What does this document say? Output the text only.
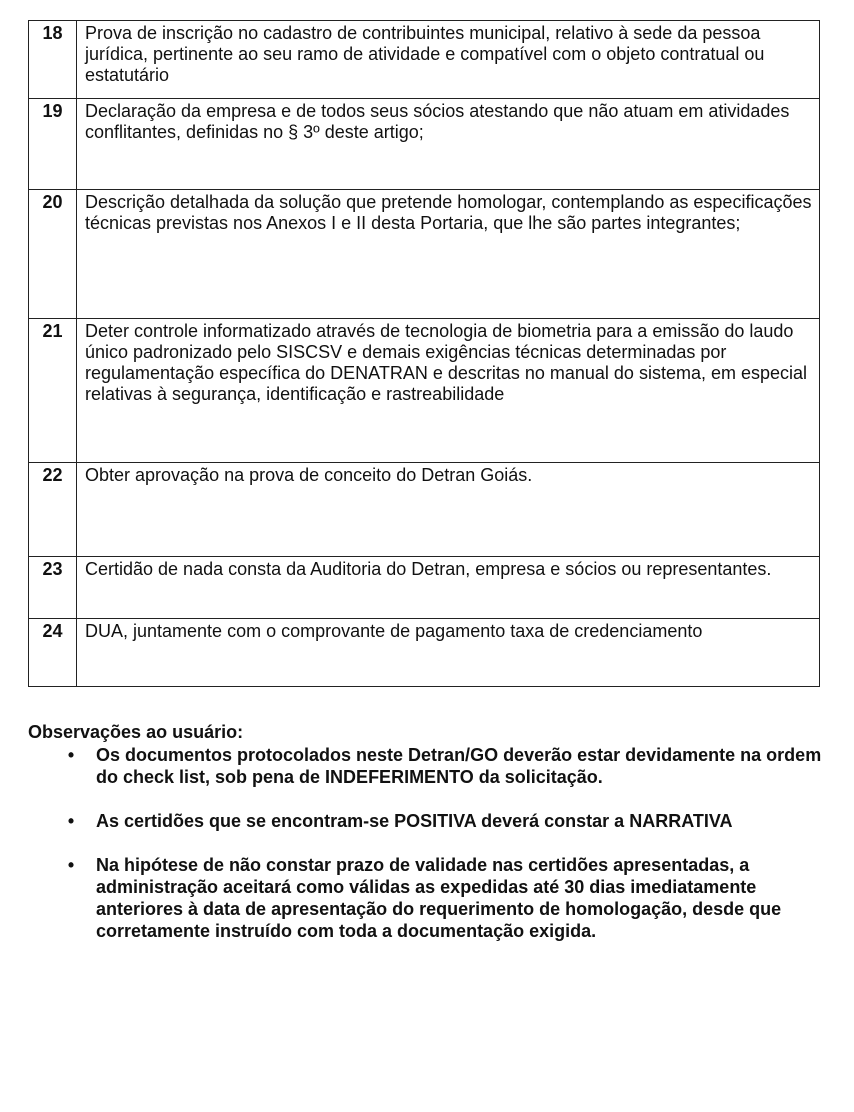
18	Prova de inscrição no cadastro de contribuintes municipal, relativo à sede da pessoa jurídica, pertinente ao seu ramo de atividade e compatível com o objeto contratual ou estatutário
19	Declaração da empresa e de todos seus sócios atestando que não atuam em atividades conflitantes, definidas no § 3º deste artigo;
20	Descrição detalhada da solução que pretende homologar, contemplando as especificações técnicas previstas nos Anexos I e II desta Portaria, que lhe são partes integrantes;
21	Deter controle informatizado através de tecnologia de biometria para a emissão do laudo único padronizado pelo SISCSV e demais exigências técnicas determinadas por regulamentação específica do DENATRAN e descritas no manual do sistema, em especial relativas à segurança, identificação e rastreabilidade
22	Obter aprovação na prova de conceito do Detran Goiás.
23	Certidão de nada consta da Auditoria do Detran, empresa e sócios ou representantes.
24	DUA, juntamente com o comprovante de pagamento taxa de credenciamento
Observações ao usuário:
• Os documentos protocolados neste Detran/GO deverão estar devidamente na ordem do check list, sob pena de INDEFERIMENTO da solicitação.
• As certidões que se encontram-se POSITIVA deverá constar a NARRATIVA
• Na hipótese de não constar prazo de validade nas certidões apresentadas, a administração aceitará como válidas as expedidas até 30 dias imediatamente anteriores à data de apresentação do requerimento de homologação, desde que corretamente instruído com toda a documentação exigida.
